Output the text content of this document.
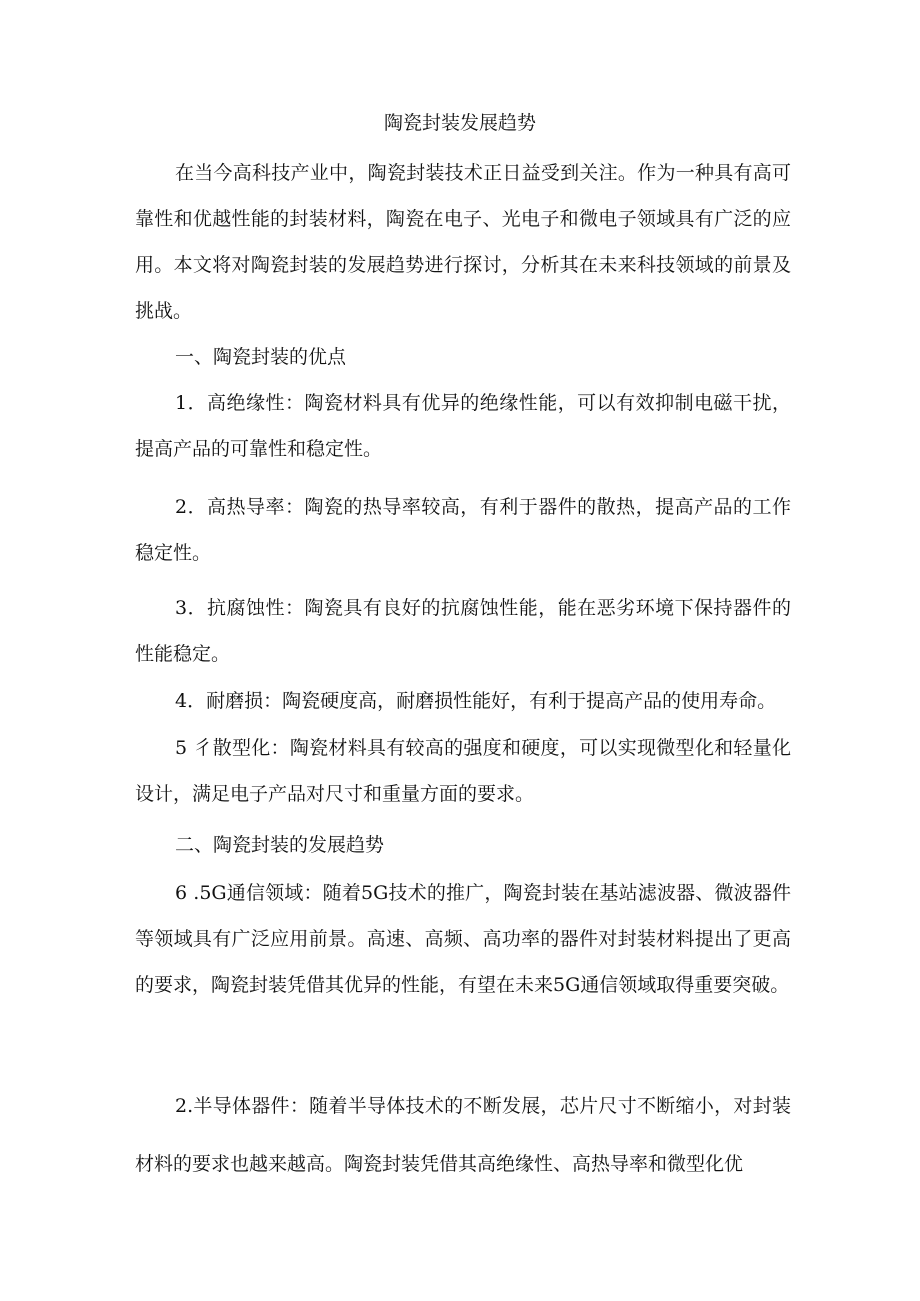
陶瓷封装发展趋势

在当今高科技产业中，陶瓷封装技术正日益受到关注。作为一种具有高可靠性和优越性能的封装材料，陶瓷在电子、光电子和微电子领域具有广泛的应用。本文将对陶瓷封装的发展趋势进行探讨，分析其在未来科技领域的前景及挑战。

一、陶瓷封装的优点

1．高绝缘性：陶瓷材料具有优异的绝缘性能，可以有效抑制电磁干扰，提高产品的可靠性和稳定性。

2．高热导率：陶瓷的热导率较高，有利于器件的散热，提高产品的工作稳定性。

3．抗腐蚀性：陶瓷具有良好的抗腐蚀性能，能在恶劣环境下保持器件的性能稳定。

4．耐磨损：陶瓷硬度高，耐磨损性能好，有利于提高产品的使用寿命。

5 彳散型化：陶瓷材料具有较高的强度和硬度，可以实现微型化和轻量化设计，满足电子产品对尺寸和重量方面的要求。

二、陶瓷封装的发展趋势

6 .5G通信领域：随着5G技术的推广，陶瓷封装在基站滤波器、微波器件等领域具有广泛应用前景。高速、高频、高功率的器件对封装材料提出了更高的要求，陶瓷封装凭借其优异的性能，有望在未来5G通信领域取得重要突破。

2.半导体器件：随着半导体技术的不断发展，芯片尺寸不断缩小，对封装材料的要求也越来越高。陶瓷封装凭借其高绝缘性、高热导率和微型化优
